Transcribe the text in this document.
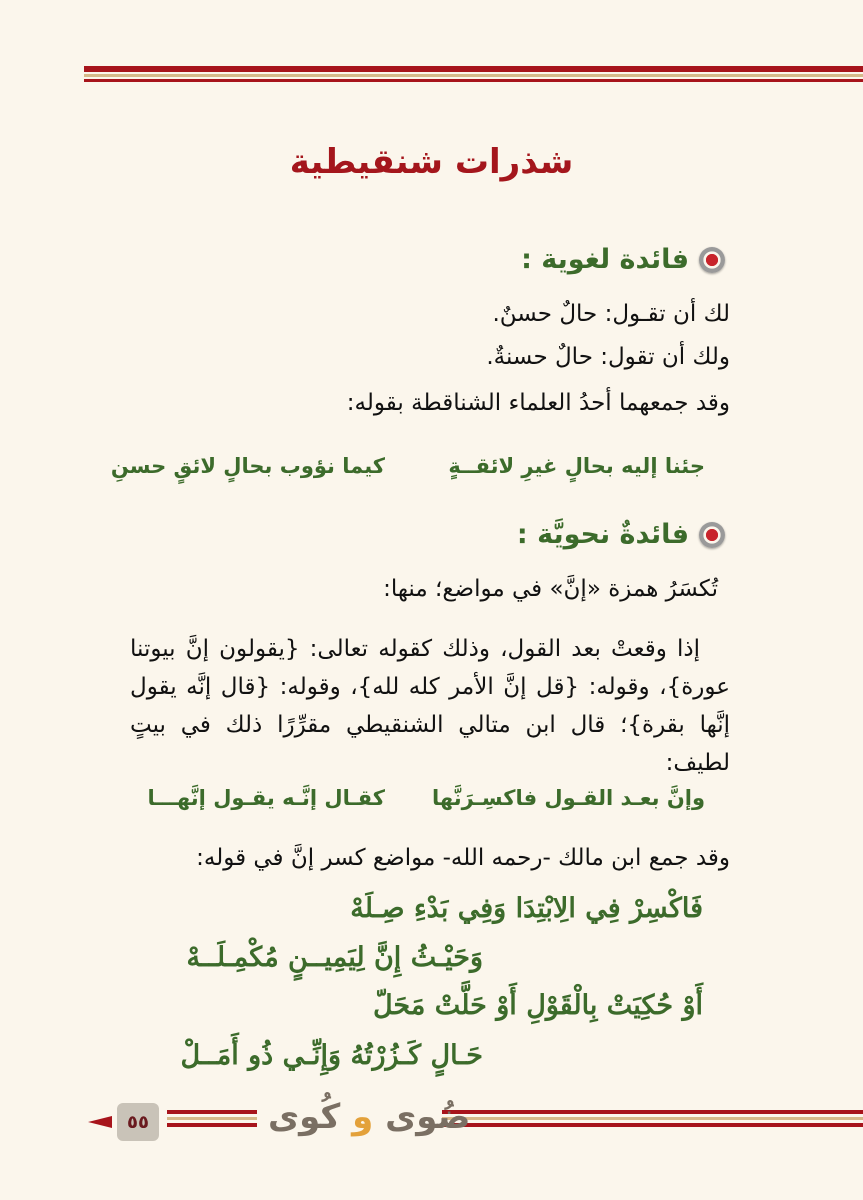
شذرات شنقيطية
فائدة لغوية :

لك أن تقـول: حالٌ حسنٌ.

ولك أن تقول: حالٌ حسنةٌ.

وقد جمعهما أحدُ العلماء الشناقطة بقوله:

جئنا إليه بحالٍ غيرِ لائقــةٍ

كيما نؤوب بحالٍ لائقٍ حسنِ

فائدةٌ نحويَّة :

تُكسَرُ همزة «إنَّ» في مواضع؛ منها:

إذا وقعتْ بعد القول، وذلك كقوله تعالى: {يقولون إنَّ بيوتنا عورة}، وقوله: {قل إنَّ الأمر كله لله}، وقوله: {قال إنَّه يقول إنَّها بقرة}؛ قال ابن متالي الشنقيطي مقرِّرًا ذلك في بيتٍ لطيف:

وإنَّ بعـد القـول فاكسِـرَنَّها

كقـال إنَّـه يقـول إنَّهـــا

وقد جمع ابن مالك -رحمه الله- مواضع كسر إنَّ في قوله:

فَاكْسِرْ فِي الِابْتِدَا وَفِي بَدْءِ صِـلَهْ

وَحَيْـثُ إِنَّ لِيَمِيــنٍ مُكْمِـلَــهْ

أَوْ حُكِيَتْ بِالْقَوْلِ أَوْ حَلَّتْ مَحَلّ

حَـالٍ كَـزُرْتُهُ وَإِنِّـي ذُو أَمَــلْ

٥٥	ضُوى و كُوى
